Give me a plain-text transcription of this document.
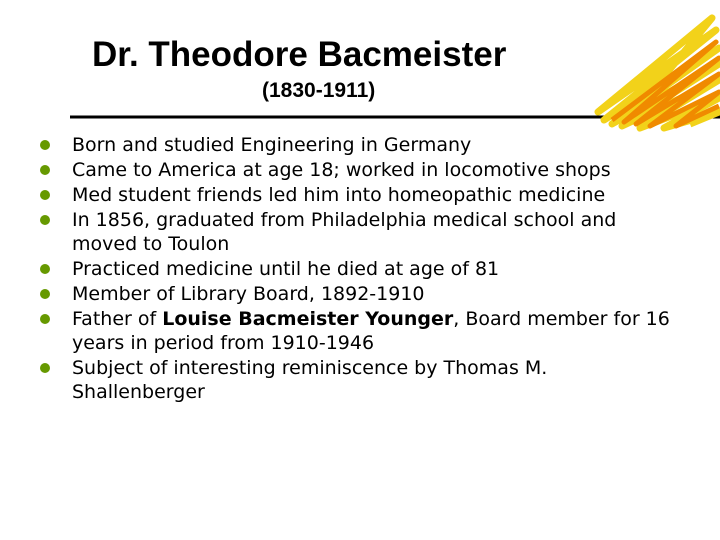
Dr. Theodore Bacmeister
(1830-1911)
Born and studied Engineering in Germany
Came to America at age 18; worked in locomotive shops
Med student friends led him into homeopathic medicine
In 1856, graduated from Philadelphia medical school and moved to Toulon
Practiced medicine until he died at age of 81
Member of Library Board, 1892-1910
Father of Louise Bacmeister Younger, Board member for 16 years in period from 1910-1946
Subject of interesting reminiscence by Thomas M. Shallenberger
